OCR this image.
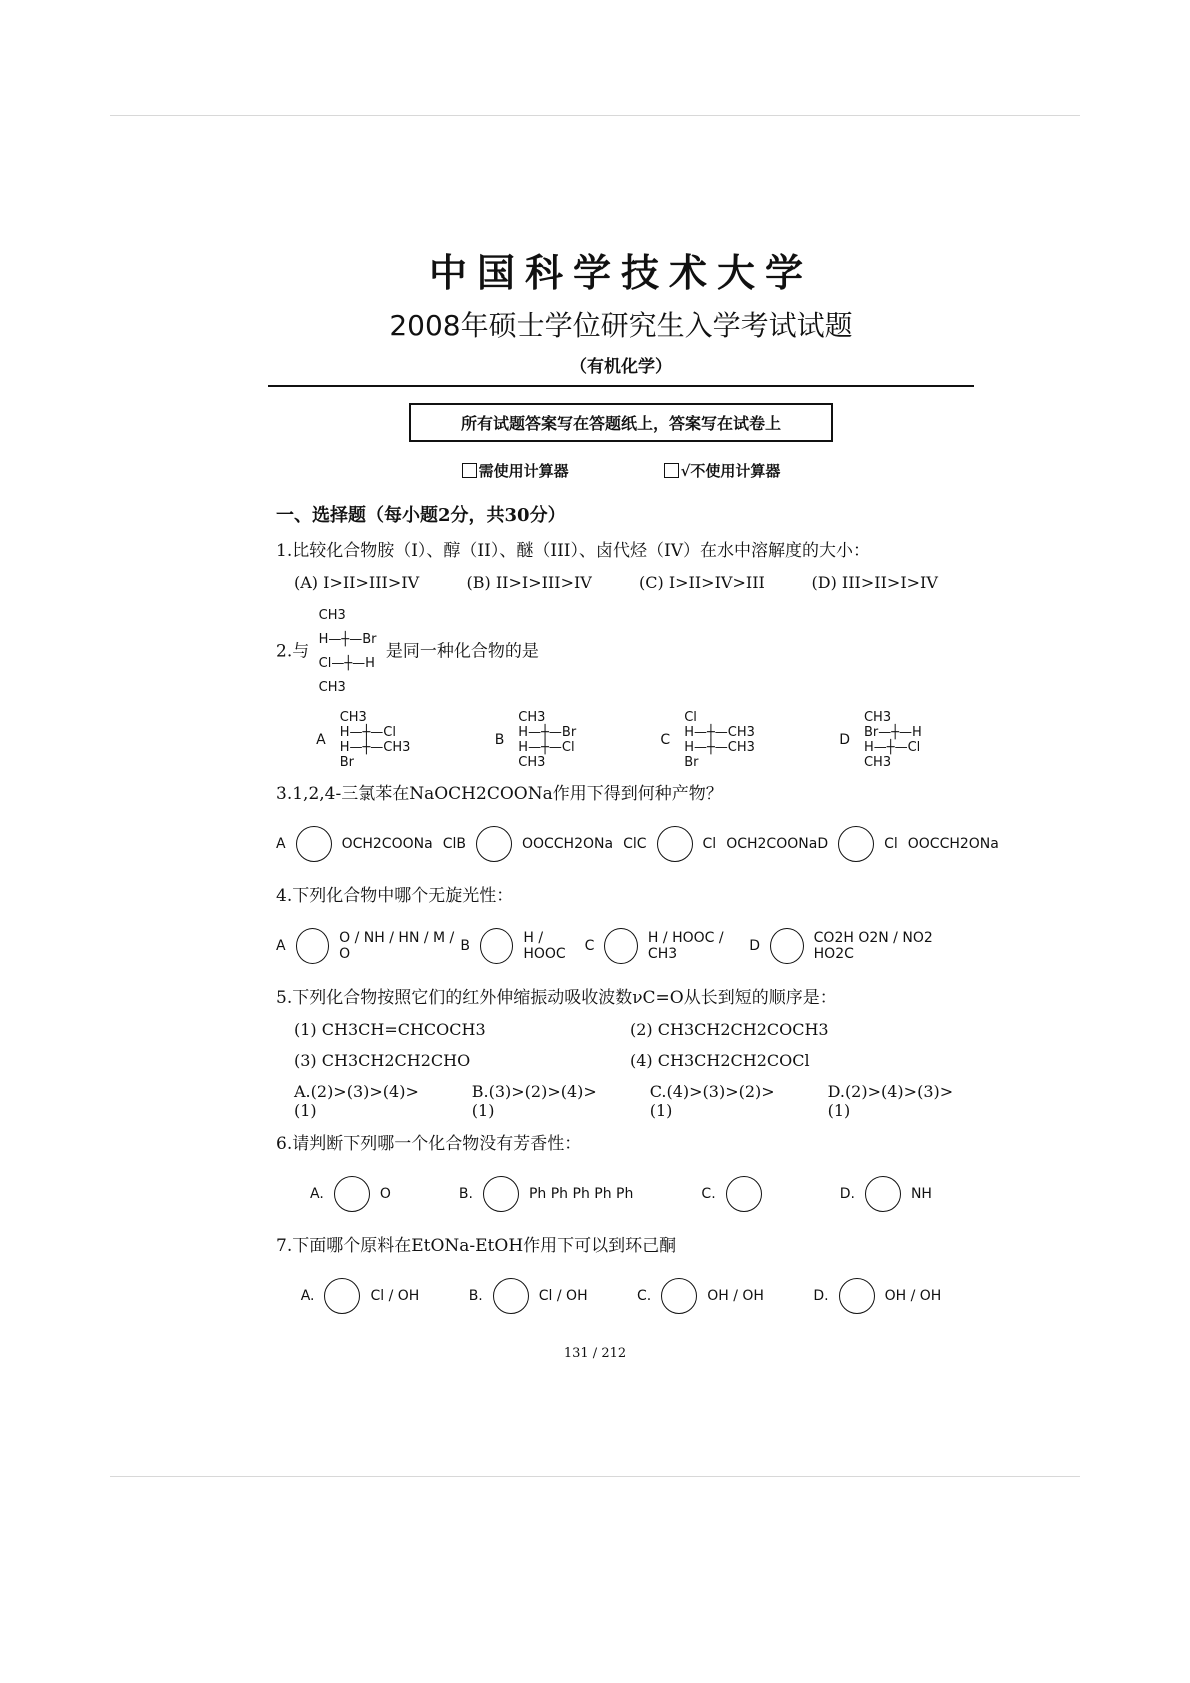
中国科学技术大学
2008年硕士学位研究生入学考试试题
（有机化学）
所有试题答案写在答题纸上，答案写在试卷上
需使用计算器	√不使用计算器
一、选择题（每小题2分，共30分）
1.比较化合物胺（I）、醇（II）、醚（III）、卤代烃（IV）在水中溶解度的大小：
(A) I>II>III>IV	(B) II>I>III>IV	(C) I>II>IV>III	(D) III>II>I>IV
2.与
CH3
H—┼—Br
Cl—┼—H
CH3
是同一种化合物的是
A
CH3
H—┼—Cl
H—┼—CH3
Br
B
CH3
H—┼—Br
H—┼—Cl
CH3
C
Cl
H—┼—CH3
H—┼—CH3
Br
D
CH3
Br—┼—H
H—┼—Cl
CH3
3.1,2,4-三氯苯在NaOCH2COONa作用下得到何种产物？
A	OCH2COONa Cl B	OOCCH2ONa Cl C	Cl OCH2COONa D	Cl OOCCH2ONa
4.下列化合物中哪个无旋光性：
A	O / NH / HN / M / O	B	H / HOOC	C	H / HOOC / CH3	D	CO2H O2N / NO2 HO2C
5.下列化合物按照它们的红外伸缩振动吸收波数νC=O从长到短的顺序是：
(1) CH3CH=CHCOCH3	(2) CH3CH2CH2COCH3
(3) CH3CH2CH2CHO	(4) CH3CH2CH2COCl
A.(2)>(3)>(4)>(1)
B.(3)>(2)>(4)>(1)
C.(4)>(3)>(2)>(1)
D.(2)>(4)>(3)>(1)
6.请判断下列哪一个化合物没有芳香性：
A.	O	B.	Ph Ph Ph Ph Ph	C.	D.	NH
7.下面哪个原料在EtONa-EtOH作用下可以到环己酮
A.	Cl / OH	B.	Cl / OH	C.	OH / OH	D.	OH / OH
131 / 212
